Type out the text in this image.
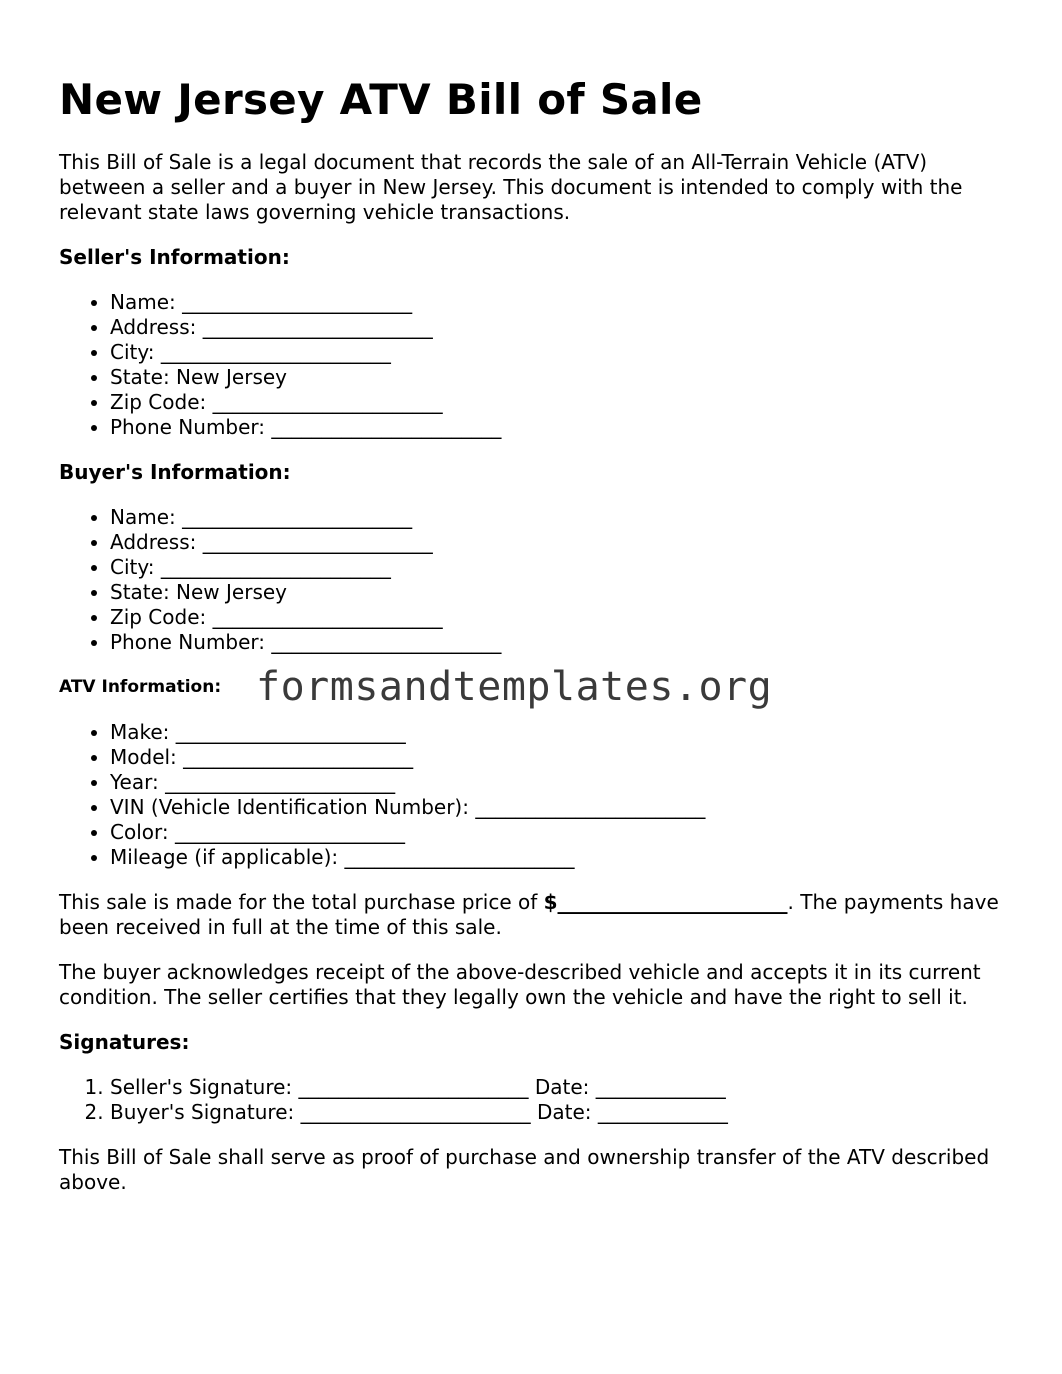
New Jersey ATV Bill of Sale

This Bill of Sale is a legal document that records the sale of an All-Terrain Vehicle (ATV) between a seller and a buyer in New Jersey. This document is intended to comply with the relevant state laws governing vehicle transactions.

Seller's Information:
• Name: _______________________
• Address: _______________________
• City: _______________________
• State: New Jersey
• Zip Code: _______________________
• Phone Number: _______________________
Buyer's Information:
• Name: _______________________
• Address: _______________________
• City: _______________________
• State: New Jersey
• Zip Code: _______________________
• Phone Number: _______________________
ATV Information: formsandtemplates.org
• Make: _______________________
• Model: _______________________
• Year: _______________________
• VIN (Vehicle Identification Number): _______________________
• Color: _______________________
• Mileage (if applicable): _______________________

This sale is made for the total purchase price of $_______________________. The payments have been received in full at the time of this sale.

The buyer acknowledges receipt of the above-described vehicle and accepts it in its current condition. The seller certifies that they legally own the vehicle and have the right to sell it.

Signatures:
1. Seller's Signature: _______________________ Date: _____________
2. Buyer's Signature: _______________________ Date: _____________

This Bill of Sale shall serve as proof of purchase and ownership transfer of the ATV described above.
